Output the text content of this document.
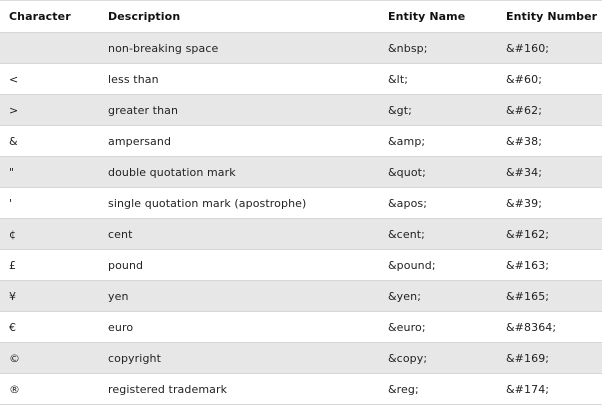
Character	Description	Entity Name	Entity Number
	non-breaking space	&nbsp;	&#160;
<	less than	&lt;	&#60;
>	greater than	&gt;	&#62;
&	ampersand	&amp;	&#38;
"	double quotation mark	&quot;	&#34;
'	single quotation mark (apostrophe)	&apos;	&#39;
¢	cent	&cent;	&#162;
£	pound	&pound;	&#163;
¥	yen	&yen;	&#165;
€	euro	&euro;	&#8364;
©	copyright	&copy;	&#169;
®	registered trademark	&reg;	&#174;
